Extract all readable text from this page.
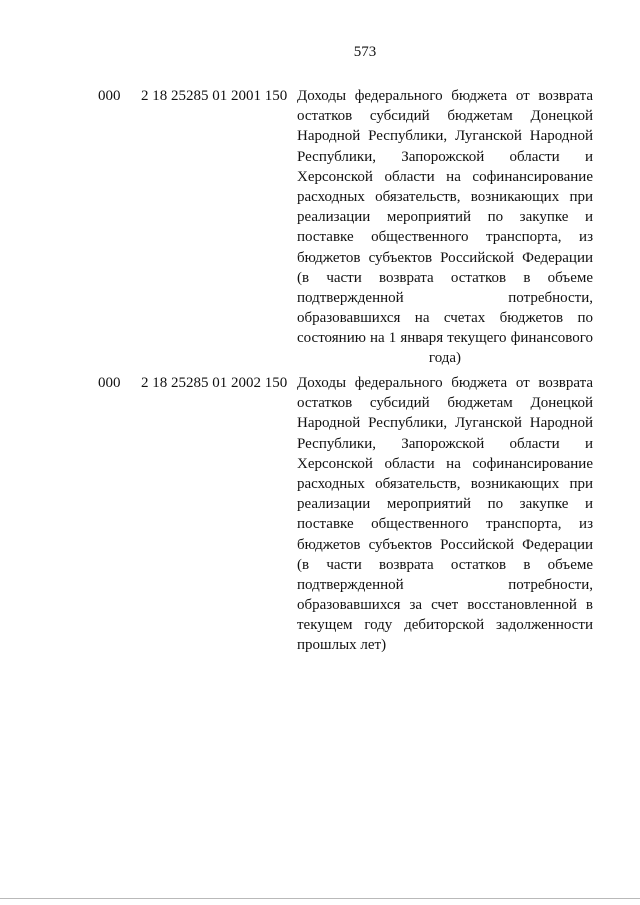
573
000 2 18 25285 01 2001 150 Доходы федерального бюджета от возврата
остатков субсидий бюджетам Донецкой
Народной Республики, Луганской Народной
Республики, Запорожской области и
Херсонской области на софинансирование
расходных обязательств, возникающих при
реализации мероприятий по закупке и
поставке общественного транспорта, из
бюджетов субъектов Российской Федерации
(в части возврата остатков в объеме
подтвержденной потребности,
образовавшихся на счетах бюджетов по
состоянию на 1 января текущего финансового
года)
000 2 18 25285 01 2002 150 Доходы федерального бюджета от возврата
остатков субсидий бюджетам Донецкой
Народной Республики, Луганской Народной
Республики, Запорожской области и
Херсонской области на софинансирование
расходных обязательств, возникающих при
реализации мероприятий по закупке и
поставке общественного транспорта, из
бюджетов субъектов Российской Федерации
(в части возврата остатков в объеме
подтвержденной потребности,
образовавшихся за счет восстановленной в
текущем году дебиторской задолженности
прошлых лет)
